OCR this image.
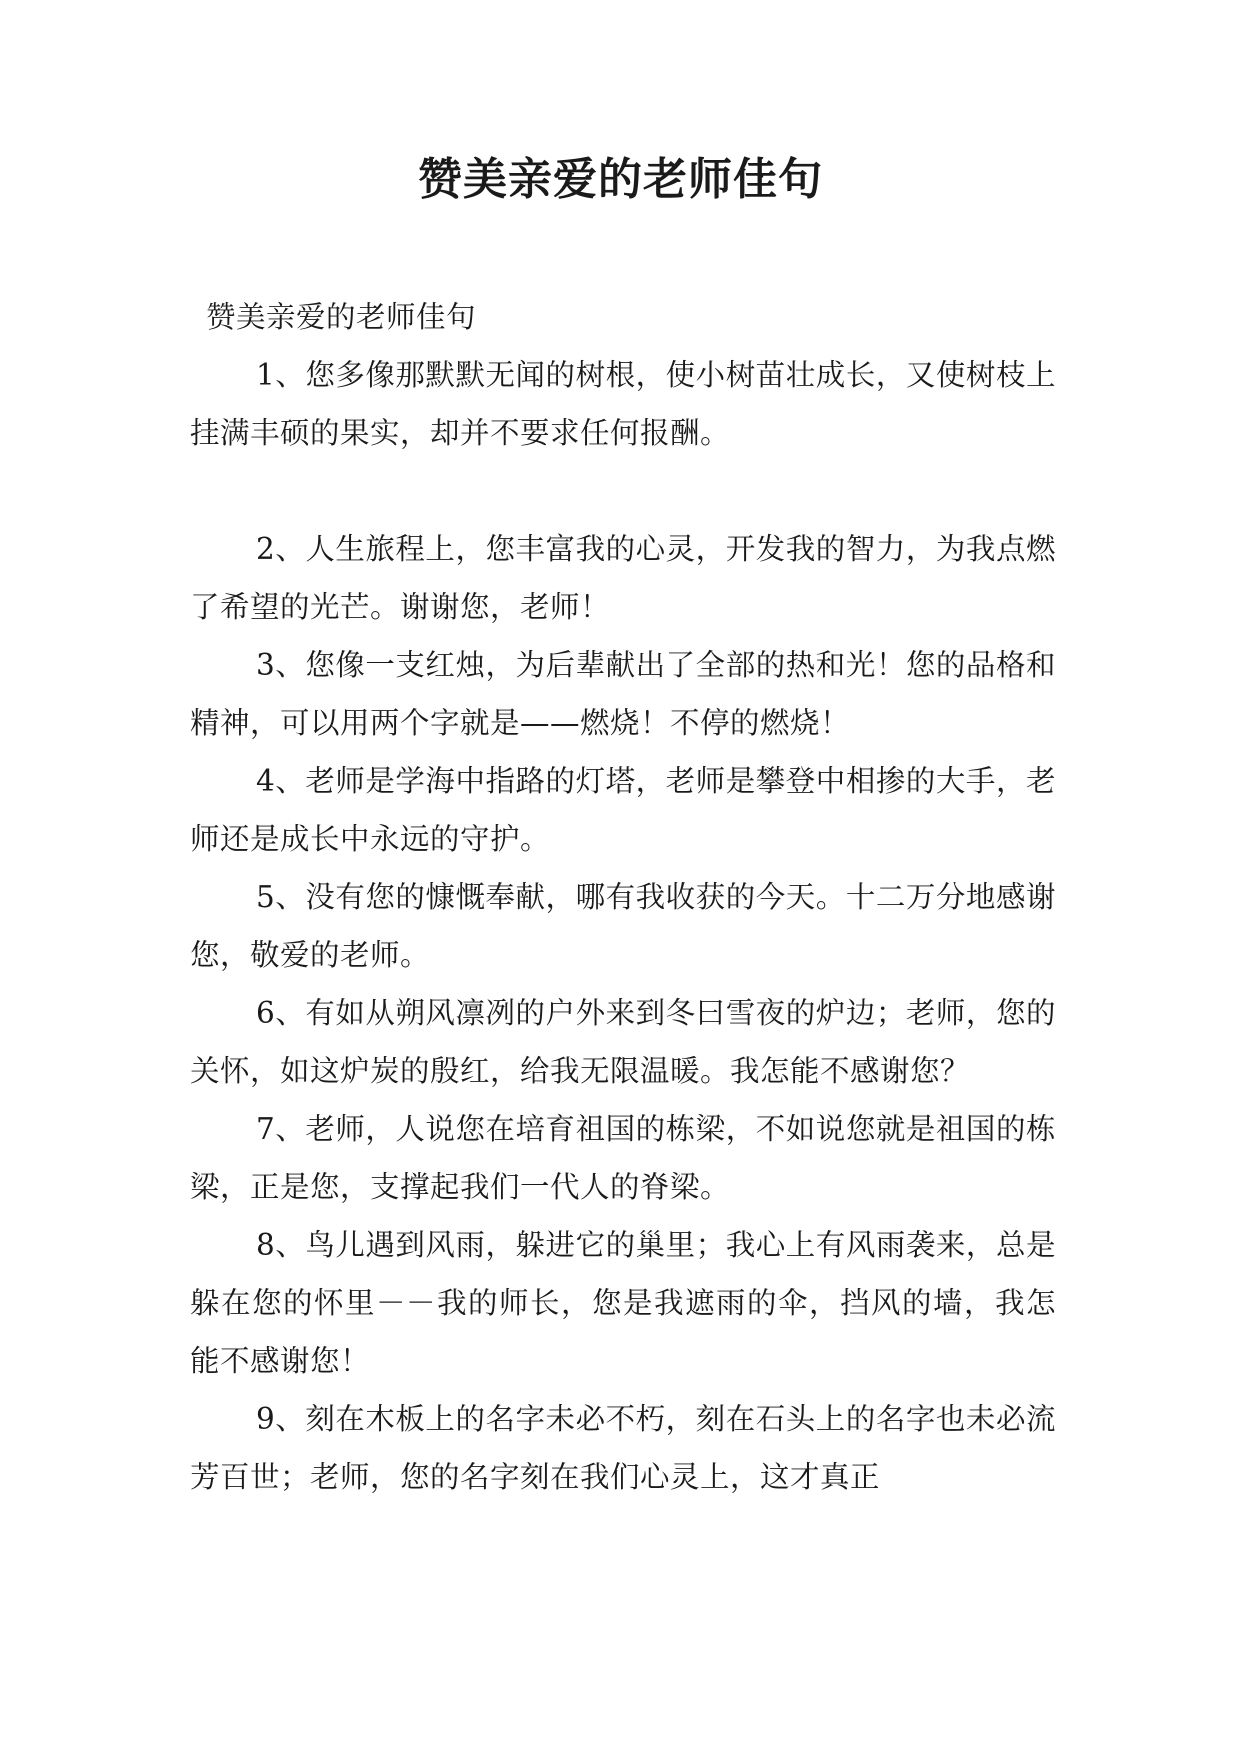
赞美亲爱的老师佳句

赞美亲爱的老师佳句

1、您多像那默默无闻的树根，使小树苗壮成长，又使树枝上挂满丰硕的果实，却并不要求任何报酬。

2、人生旅程上，您丰富我的心灵，开发我的智力，为我点燃了希望的光芒。谢谢您，老师！

3、您像一支红烛，为后辈献出了全部的热和光！您的品格和精神，可以用两个字就是——燃烧！不停的燃烧！

4、老师是学海中指路的灯塔，老师是攀登中相掺的大手，老师还是成长中永远的守护。

5、没有您的慷慨奉献，哪有我收获的今天。十二万分地感谢您，敬爱的老师。

6、有如从朔风凛冽的户外来到冬曰雪夜的炉边；老师，您的关怀，如这炉炭的殷红，给我无限温暖。我怎能不感谢您？

7、老师，人说您在培育祖国的栋梁，不如说您就是祖国的栋梁，正是您，支撑起我们一代人的脊梁。

8、鸟儿遇到风雨，躲进它的巢里；我心上有风雨袭来，总是躲在您的怀里－－我的师长，您是我遮雨的伞，挡风的墙，我怎能不感谢您！

9、刻在木板上的名字未必不朽，刻在石头上的名字也未必流芳百世；老师，您的名字刻在我们心灵上，这才真正
